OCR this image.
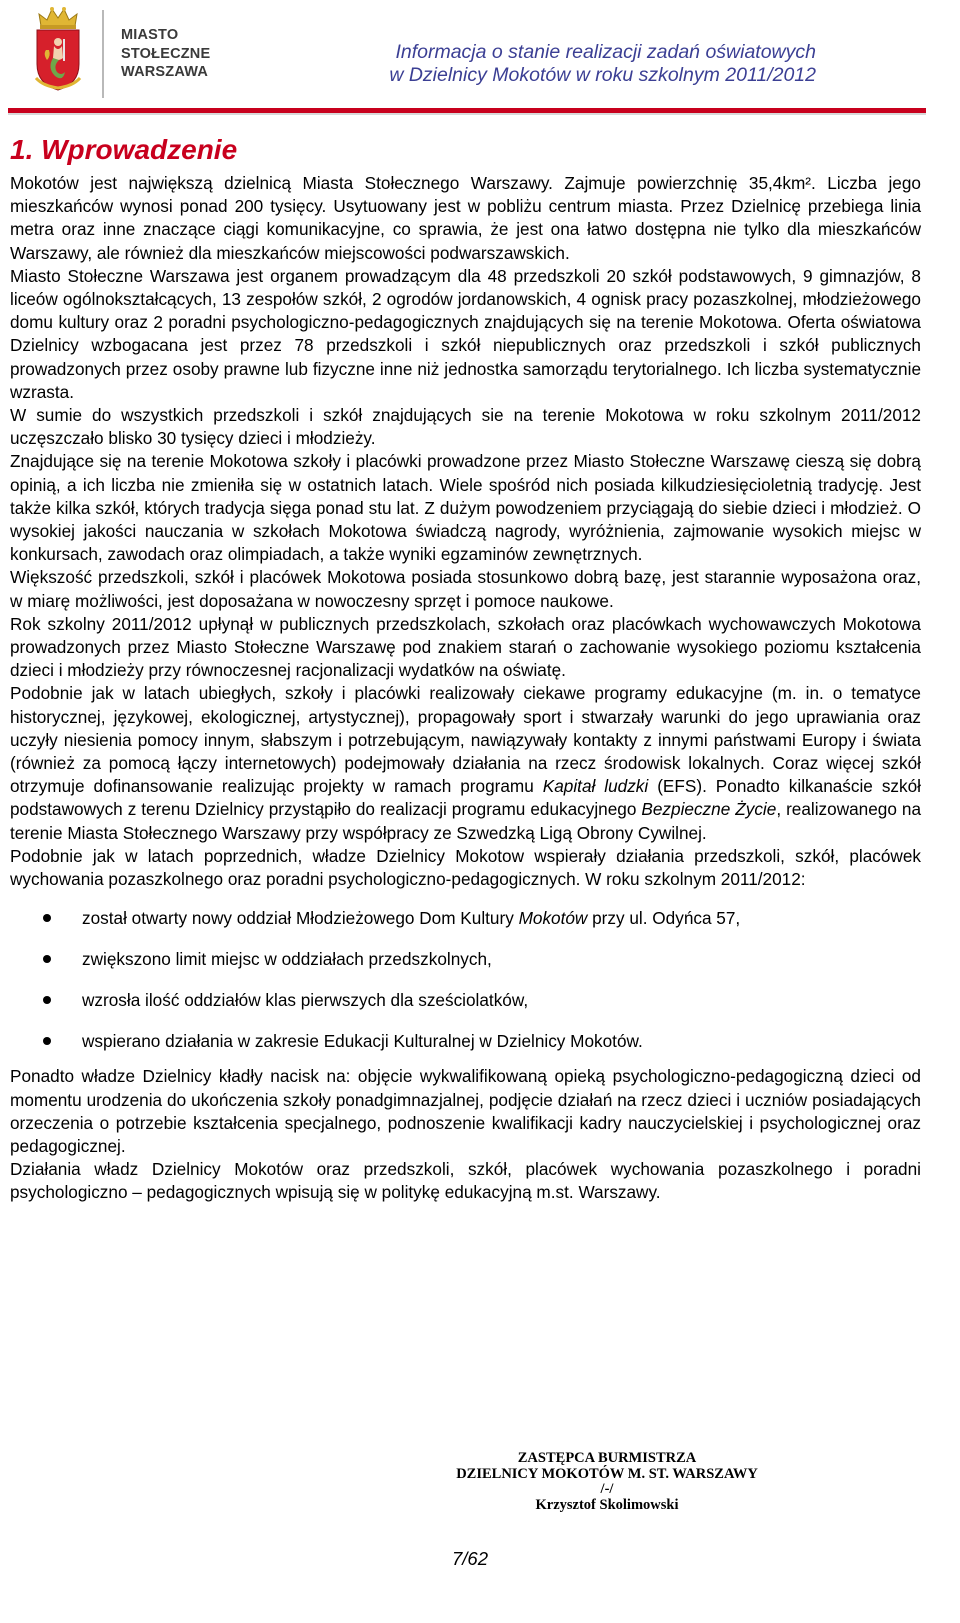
MIASTO
STOŁECZNE
WARSZAWA
Informacja o stanie realizacji zadań oświatowych
w Dzielnicy Mokotów w roku szkolnym 2011/2012
1. Wprowadzenie

Mokotów jest największą dzielnicą Miasta Stołecznego Warszawy. Zajmuje powierzchnię 35,4km². Liczba jego mieszkańców wynosi ponad 200 tysięcy. Usytuowany jest w pobliżu centrum miasta. Przez Dzielnicę przebiega linia metra oraz inne znaczące ciągi komunikacyjne, co sprawia, że jest ona łatwo dostępna nie tylko dla mieszkańców Warszawy, ale również dla mieszkańców miejscowości podwarszawskich.

Miasto Stołeczne Warszawa jest organem prowadzącym dla 48 przedszkoli 20 szkół podstawowych, 9 gimnazjów, 8 liceów ogólnokształcących, 13 zespołów szkół, 2 ogrodów jordanowskich, 4 ognisk pracy pozaszkolnej, młodzieżowego domu kultury oraz 2 poradni psychologiczno-pedagogicznych znajdujących się na terenie Mokotowa. Oferta oświatowa Dzielnicy wzbogacana jest przez 78 przedszkoli i szkół niepublicznych oraz przedszkoli i szkół publicznych prowadzonych przez osoby prawne lub fizyczne inne niż jednostka samorządu terytorialnego. Ich liczba systematycznie wzrasta.

W sumie do wszystkich przedszkoli i szkół znajdujących sie na terenie Mokotowa w roku szkolnym 2011/2012 uczęszczało blisko 30 tysięcy dzieci i młodzieży.

Znajdujące się na terenie Mokotowa szkoły i placówki prowadzone przez Miasto Stołeczne Warszawę cieszą się dobrą opinią, a ich liczba nie zmieniła się w ostatnich latach. Wiele spośród nich posiada kilkudziesięcioletnią tradycję. Jest także kilka szkół, których tradycja sięga ponad stu lat. Z dużym powodzeniem przyciągają do siebie dzieci i młodzież. O wysokiej jakości nauczania w szkołach Mokotowa świadczą nagrody, wyróżnienia, zajmowanie wysokich miejsc w konkursach, zawodach oraz olimpiadach, a także wyniki egzaminów zewnętrznych.

Większość przedszkoli, szkół i placówek Mokotowa posiada stosunkowo dobrą bazę, jest starannie wyposażona oraz, w miarę możliwości, jest doposażana w nowoczesny sprzęt i pomoce naukowe.

Rok szkolny 2011/2012 upłynął w publicznych przedszkolach, szkołach oraz placówkach wychowawczych Mokotowa prowadzonych przez Miasto Stołeczne Warszawę pod znakiem starań o zachowanie wysokiego poziomu kształcenia dzieci i młodzieży przy równoczesnej racjonalizacji wydatków na oświatę.

Podobnie jak w latach ubiegłych, szkoły i placówki realizowały ciekawe programy edukacyjne (m. in. o tematyce historycznej, językowej, ekologicznej, artystycznej), propagowały sport i stwarzały warunki do jego uprawiania oraz uczyły niesienia pomocy innym, słabszym i potrzebującym, nawiązywały kontakty z innymi państwami Europy i świata (również za pomocą łączy internetowych) podejmowały działania na rzecz środowisk lokalnych. Coraz więcej szkół otrzymuje dofinansowanie realizując projekty w ramach programu Kapitał ludzki (EFS). Ponadto kilkanaście szkół podstawowych z terenu Dzielnicy przystąpiło do realizacji programu edukacyjnego Bezpieczne Życie, realizowanego na terenie Miasta Stołecznego Warszawy przy współpracy ze Szwedzką Ligą Obrony Cywilnej.

Podobnie jak w latach poprzednich, władze Dzielnicy Mokotow wspierały działania przedszkoli, szkół, placówek wychowania pozaszkolnego oraz poradni psychologiczno-pedagogicznych. W roku szkolnym 2011/2012:

został otwarty nowy oddział Młodzieżowego Dom Kultury Mokotów przy ul. Odyńca 57,
zwiększono limit miejsc w oddziałach przedszkolnych,
wzrosła ilość oddziałów klas pierwszych dla sześciolatków,
wspierano działania w zakresie Edukacji Kulturalnej w Dzielnicy Mokotów.

Ponadto władze Dzielnicy kładły nacisk na: objęcie wykwalifikowaną opieką psychologiczno-pedagogiczną dzieci od momentu urodzenia do ukończenia szkoły ponadgimnazjalnej, podjęcie działań na rzecz dzieci i uczniów posiadających orzeczenia o potrzebie kształcenia specjalnego, podnoszenie kwalifikacji kadry nauczycielskiej i psychologicznej oraz pedagogicznej.

Działania władz Dzielnicy Mokotów oraz przedszkoli, szkół, placówek wychowania pozaszkolnego i poradni psychologiczno – pedagogicznych wpisują się w politykę edukacyjną m.st. Warszawy.

ZASTĘPCA BURMISTRZA
DZIELNICY MOKOTÓW M. ST. WARSZAWY
/-/
Krzysztof Skolimowski
7/62
